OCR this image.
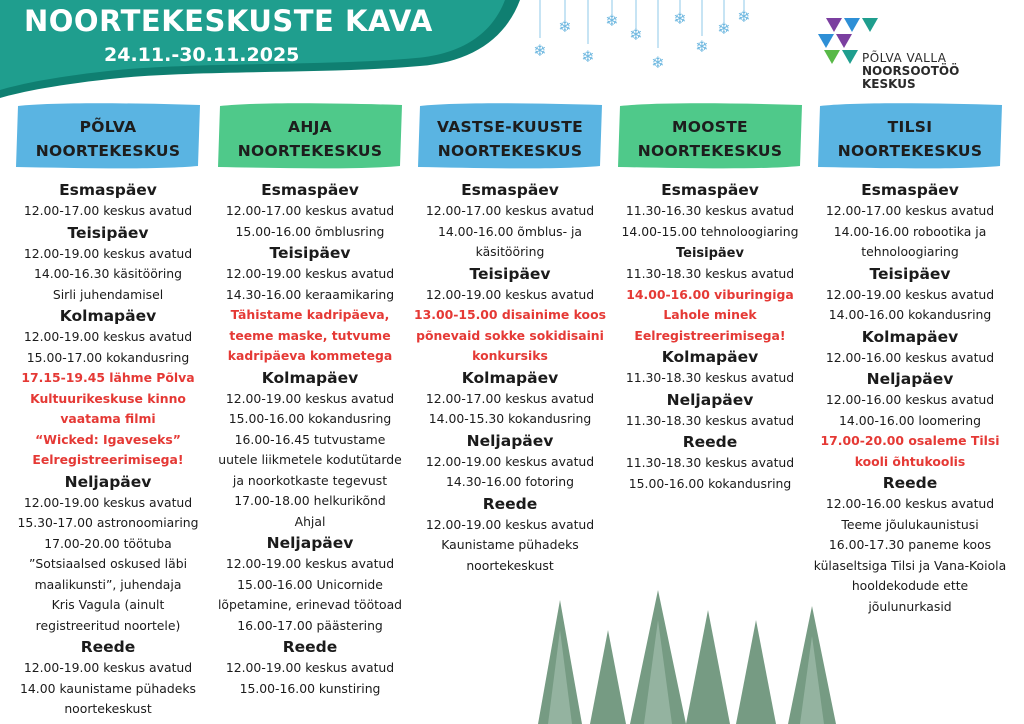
NOORTEKESKUSTE KAVA
24.11.-30.11.2025	❄
❄
❄
❄
❄
❄
❄
❄
❄
❄
PÕLVA VALLA
NOORSOOTÖÖ
KESKUS
PÕLVA
NOORTEKESKUS
Esmaspäev
12.00-17.00 keskus avatud
Teisipäev
12.00-19.00 keskus avatud
14.00-16.30 käsitööring
Sirli juhendamisel
Kolmapäev
12.00-19.00 keskus avatud
15.00-17.00 kokandusring
17.15-19.45 lähme Põlva
Kultuurikeskuse kinno
vaatama filmi
“Wicked: Igaveseks”
Eelregistreerimisega!
Neljapäev
12.00-19.00 keskus avatud
15.30-17.00 astronoomiaring
17.00-20.00 töötuba
”Sotsiaalsed oskused läbi
maalikunsti”, juhendaja
Kris Vagula (ainult
registreeritud noortele)
Reede
12.00-19.00 keskus avatud
14.00 kaunistame pühadeks
noortekeskust
AHJA
NOORTEKESKUS
Esmaspäev
12.00-17.00 keskus avatud
15.00-16.00 õmblusring
Teisipäev
12.00-19.00 keskus avatud
14.30-16.00 keraamikaring
Tähistame kadripäeva,
teeme maske, tutvume
kadripäeva kommetega
Kolmapäev
12.00-19.00 keskus avatud
15.00-16.00 kokandusring
16.00-16.45 tutvustame
uutele liikmetele kodutütarde
ja noorkotkaste tegevust
17.00-18.00 helkurikõnd
Ahjal
Neljapäev
12.00-19.00 keskus avatud
15.00-16.00 Unicornide
lõpetamine, erinevad töötoad
16.00-17.00 päästering
Reede
12.00-19.00 keskus avatud
15.00-16.00 kunstiring
VASTSE-KUUSTE
NOORTEKESKUS
Esmaspäev
12.00-17.00 keskus avatud
14.00-16.00 õmblus- ja
käsitööring
Teisipäev
12.00-19.00 keskus avatud
13.00-15.00 disainime koos
põnevaid sokke sokidisaini
konkursiks
Kolmapäev
12.00-17.00 keskus avatud
14.00-15.30 kokandusring
Neljapäev
12.00-19.00 keskus avatud
14.30-16.00 fotoring
Reede
12.00-19.00 keskus avatud
Kaunistame pühadeks
noortekeskust
MOOSTE
NOORTEKESKUS
Esmaspäev
11.30-16.30 keskus avatud
14.00-15.00 tehnoloogiaring
Teisipäev
11.30-18.30 keskus avatud
14.00-16.00 viburingiga
Lahole minek
Eelregistreerimisega!
Kolmapäev
11.30-18.30 keskus avatud
Neljapäev
11.30-18.30 keskus avatud
Reede
11.30-18.30 keskus avatud
15.00-16.00 kokandusring
TILSI
NOORTEKESKUS
Esmaspäev
12.00-17.00 keskus avatud
14.00-16.00 robootika ja
tehnoloogiaring
Teisipäev
12.00-19.00 keskus avatud
14.00-16.00 kokandusring
Kolmapäev
12.00-16.00 keskus avatud
Neljapäev
12.00-16.00 keskus avatud
14.00-16.00 loomering
17.00-20.00 osaleme Tilsi
kooli õhtukoolis
Reede
12.00-16.00 keskus avatud
Teeme jõulukaunistusi
16.00-17.30 paneme koos
külaseltsiga Tilsi ja Vana-Koiola
hooldekodude ette
jõulunurkasid
